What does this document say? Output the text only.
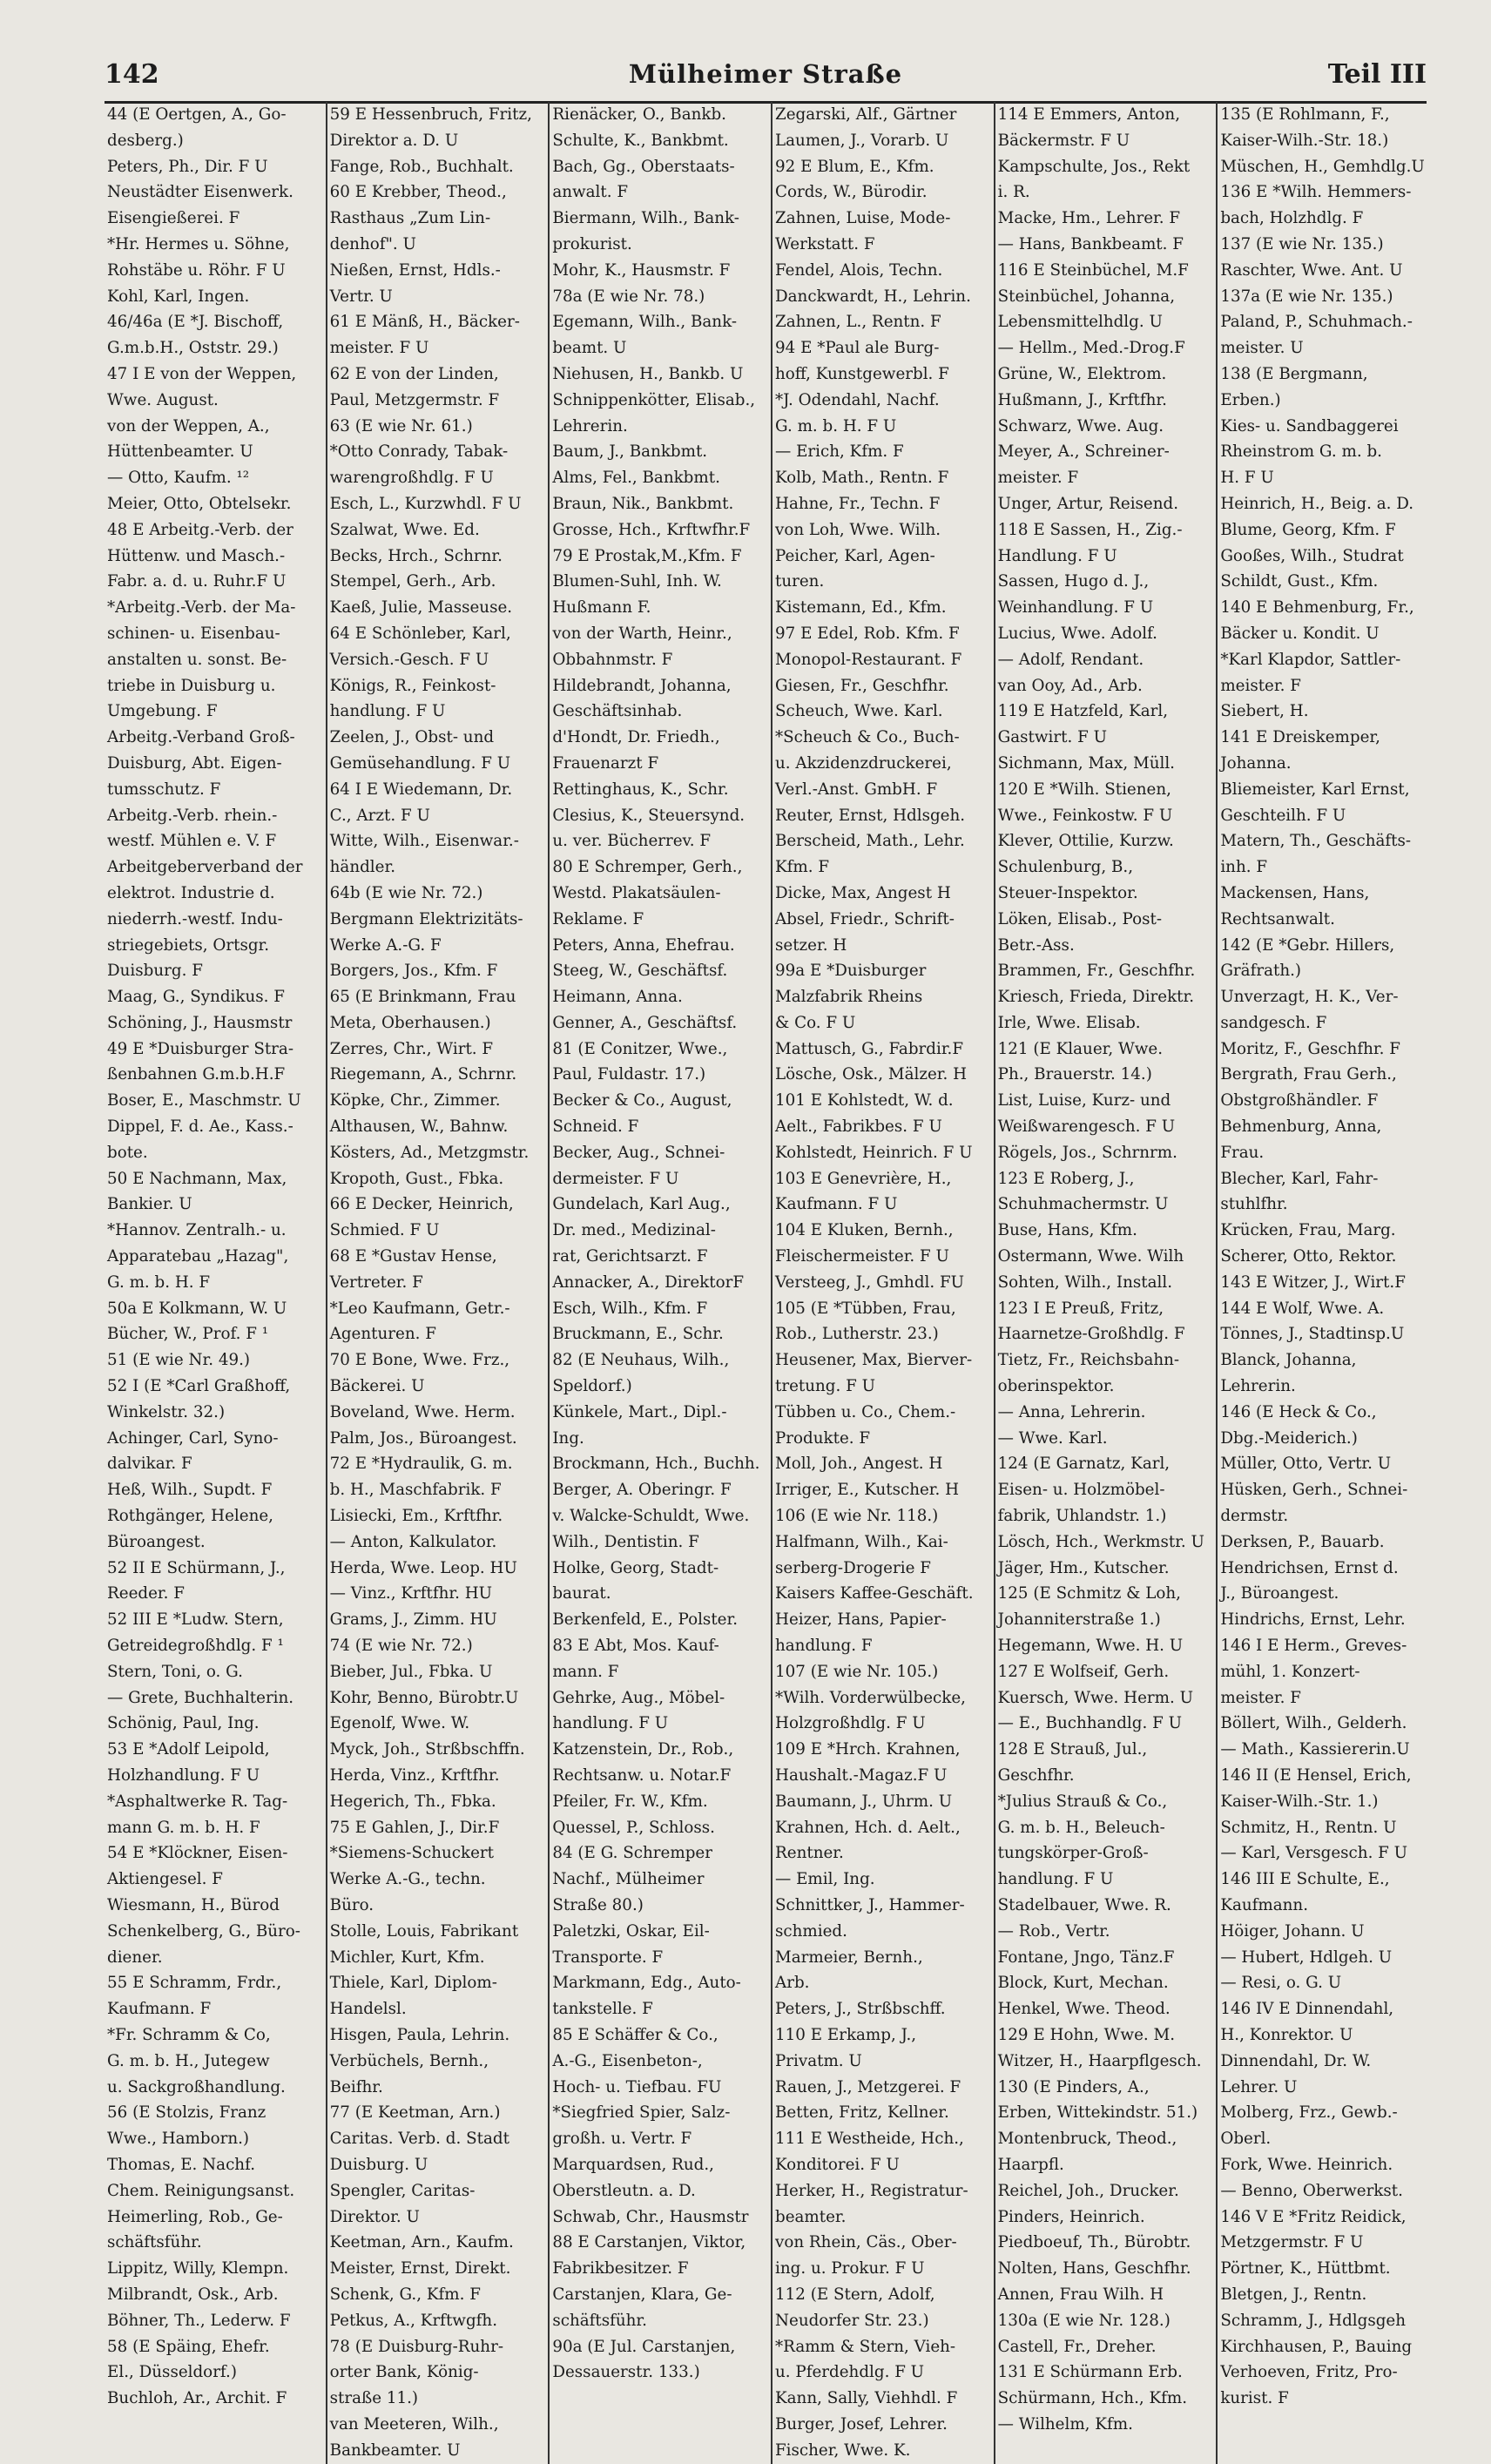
142	Mülheimer Straße	Teil III
44 (E Oertgen, A., Go-
desberg.)
Peters, Ph., Dir. F U
Neustädter Eisenwerk.
Eisengießerei. F
*Hr. Hermes u. Söhne,
Rohstäbe u. Röhr. F U
Kohl, Karl, Ingen.
46/46a (E *J. Bischoff,
G.m.b.H., Oststr. 29.)
47 I E von der Weppen,
Wwe. August.
von der Weppen, A.,
Hüttenbeamter. U
— Otto, Kaufm. ¹²
Meier, Otto, Obtelsekr.
48 E Arbeitg.-Verb. der
Hüttenw. und Masch.-
Fabr. a. d. u. Ruhr.F U
*Arbeitg.-Verb. der Ma-
schinen- u. Eisenbau-
anstalten u. sonst. Be-
triebe in Duisburg u.
Umgebung. F
Arbeitg.-Verband Groß-
Duisburg, Abt. Eigen-
tumsschutz. F
Arbeitg.-Verb. rhein.-
westf. Mühlen e. V. F
Arbeitgeberverband der
elektrot. Industrie d.
niederrh.-westf. Indu-
striegebiets, Ortsgr.
Duisburg. F
Maag, G., Syndikus. F
Schöning, J., Hausmstr
49 E *Duisburger Stra-
ßenbahnen G.m.b.H.F
Boser, E., Maschmstr. U
Dippel, F. d. Ae., Kass.-
bote.
50 E Nachmann, Max,
Bankier. U
*Hannov. Zentralh.- u.
Apparatebau „Hazag",
G. m. b. H. F
50a E Kolkmann, W. U
Bücher, W., Prof. F ¹
51 (E wie Nr. 49.)
52 I (E *Carl Graßhoff,
Winkelstr. 32.)
Achinger, Carl, Syno-
dalvikar. F
Heß, Wilh., Supdt. F
Rothgänger, Helene,
Büroangest.
52 II E Schürmann, J.,
Reeder. F
52 III E *Ludw. Stern,
Getreidegroßhdlg. F ¹
Stern, Toni, o. G.
— Grete, Buchhalterin.
Schönig, Paul, Ing.
53 E *Adolf Leipold,
Holzhandlung. F U
*Asphaltwerke R. Tag-
mann G. m. b. H. F
54 E *Klöckner, Eisen-
Aktiengesel. F
Wiesmann, H., Bürod
Schenkelberg, G., Büro-
diener.
55 E Schramm, Frdr.,
Kaufmann. F
*Fr. Schramm & Co,
G. m. b. H., Jutegew
u. Sackgroßhandlung.
56 (E Stolzis, Franz
Wwe., Hamborn.)
Thomas, E. Nachf.
Chem. Reinigungsanst.
Heimerling, Rob., Ge-
schäftsführ.
Lippitz, Willy, Klempn.
Milbrandt, Osk., Arb.
Böhner, Th., Lederw. F
58 (E Späing, Ehefr.
El., Düsseldorf.)
Buchloh, Ar., Archit. F
59 E Hessenbruch, Fritz,
Direktor a. D. U
Fange, Rob., Buchhalt.
60 E Krebber, Theod.,
Rasthaus „Zum Lin-
denhof". U
Nießen, Ernst, Hdls.-
Vertr. U
61 E Mänß, H., Bäcker-
meister. F U
62 E von der Linden,
Paul, Metzgermstr. F
63 (E wie Nr. 61.)
*Otto Conrady, Tabak-
warengroßhdlg. F U
Esch, L., Kurzwhdl. F U
Szalwat, Wwe. Ed.
Becks, Hrch., Schrnr.
Stempel, Gerh., Arb.
Kaeß, Julie, Masseuse.
64 E Schönleber, Karl,
Versich.-Gesch. F U
Königs, R., Feinkost-
handlung. F U
Zeelen, J., Obst- und
Gemüsehandlung. F U
64 I E Wiedemann, Dr.
C., Arzt. F U
Witte, Wilh., Eisenwar.-
händler.
64b (E wie Nr. 72.)
Bergmann Elektrizitäts-
Werke A.-G. F
Borgers, Jos., Kfm. F
65 (E Brinkmann, Frau
Meta, Oberhausen.)
Zerres, Chr., Wirt. F
Riegemann, A., Schrnr.
Köpke, Chr., Zimmer.
Althausen, W., Bahnw.
Kösters, Ad., Metzgmstr.
Kropoth, Gust., Fbka.
66 E Decker, Heinrich,
Schmied. F U
68 E *Gustav Hense,
Vertreter. F
*Leo Kaufmann, Getr.-
Agenturen. F
70 E Bone, Wwe. Frz.,
Bäckerei. U
Boveland, Wwe. Herm.
Palm, Jos., Büroangest.
72 E *Hydraulik, G. m.
b. H., Maschfabrik. F
Lisiecki, Em., Krftfhr.
— Anton, Kalkulator.
Herda, Wwe. Leop. HU
— Vinz., Krftfhr. HU
Grams, J., Zimm. HU
74 (E wie Nr. 72.)
Bieber, Jul., Fbka. U
Kohr, Benno, Bürobtr.U
Egenolf, Wwe. W.
Myck, Joh., Strßbschffn.
Herda, Vinz., Krftfhr.
Hegerich, Th., Fbka.
75 E Gahlen, J., Dir.F
*Siemens-Schuckert
Werke A.-G., techn.
Büro.
Stolle, Louis, Fabrikant
Michler, Kurt, Kfm.
Thiele, Karl, Diplom-
Handelsl.
Hisgen, Paula, Lehrin.
Verbüchels, Bernh.,
Beifhr.
77 (E Keetman, Arn.)
Caritas. Verb. d. Stadt
Duisburg. U
Spengler, Caritas-
Direktor. U
Keetman, Arn., Kaufm.
Meister, Ernst, Direkt.
Schenk, G., Kfm. F
Petkus, A., Krftwgfh.
78 (E Duisburg-Ruhr-
orter Bank, König-
straße 11.)
van Meeteren, Wilh.,
Bankbeamter. U
Rienäcker, O., Bankb.
Schulte, K., Bankbmt.
Bach, Gg., Oberstaats-
anwalt. F
Biermann, Wilh., Bank-
prokurist.
Mohr, K., Hausmstr. F
78a (E wie Nr. 78.)
Egemann, Wilh., Bank-
beamt. U
Niehusen, H., Bankb. U
Schnippenkötter, Elisab.,
Lehrerin.
Baum, J., Bankbmt.
Alms, Fel., Bankbmt.
Braun, Nik., Bankbmt.
Grosse, Hch., Krftwfhr.F
79 E Prostak,M.,Kfm. F
Blumen-Suhl, Inh. W.
Hußmann F.
von der Warth, Heinr.,
Obbahnmstr. F
Hildebrandt, Johanna,
Geschäftsinhab.
d'Hondt, Dr. Friedh.,
Frauenarzt F
Rettinghaus, K., Schr.
Clesius, K., Steuersynd.
u. ver. Bücherrev. F
80 E Schremper, Gerh.,
Westd. Plakatsäulen-
Reklame. F
Peters, Anna, Ehefrau.
Steeg, W., Geschäftsf.
Heimann, Anna.
Genner, A., Geschäftsf.
81 (E Conitzer, Wwe.,
Paul, Fuldastr. 17.)
Becker & Co., August,
Schneid. F
Becker, Aug., Schnei-
dermeister. F U
Gundelach, Karl Aug.,
Dr. med., Medizinal-
rat, Gerichtsarzt. F
Annacker, A., DirektorF
Esch, Wilh., Kfm. F
Bruckmann, E., Schr.
82 (E Neuhaus, Wilh.,
Speldorf.)
Künkele, Mart., Dipl.-
Ing.
Brockmann, Hch., Buchh.
Berger, A. Oberingr. F
v. Walcke-Schuldt, Wwe.
Wilh., Dentistin. F
Holke, Georg, Stadt-
baurat.
Berkenfeld, E., Polster.
83 E Abt, Mos. Kauf-
mann. F
Gehrke, Aug., Möbel-
handlung. F U
Katzenstein, Dr., Rob.,
Rechtsanw. u. Notar.F
Pfeiler, Fr. W., Kfm.
Quessel, P., Schloss.
84 (E G. Schremper
Nachf., Mülheimer
Straße 80.)
Paletzki, Oskar, Eil-
Transporte. F
Markmann, Edg., Auto-
tankstelle. F
85 E Schäffer & Co.,
A.-G., Eisenbeton-,
Hoch- u. Tiefbau. FU
*Siegfried Spier, Salz-
großh. u. Vertr. F
Marquardsen, Rud.,
Oberstleutn. a. D.
Schwab, Chr., Hausmstr
88 E Carstanjen, Viktor,
Fabrikbesitzer. F
Carstanjen, Klara, Ge-
schäftsführ.
90a (E Jul. Carstanjen,
Dessauerstr. 133.)
Zegarski, Alf., Gärtner
Laumen, J., Vorarb. U
92 E Blum, E., Kfm.
Cords, W., Bürodir.
Zahnen, Luise, Mode-
Werkstatt. F
Fendel, Alois, Techn.
Danckwardt, H., Lehrin.
Zahnen, L., Rentn. F
94 E *Paul ale Burg-
hoff, Kunstgewerbl. F
*J. Odendahl, Nachf.
G. m. b. H. F U
— Erich, Kfm. F
Kolb, Math., Rentn. F
Hahne, Fr., Techn. F
von Loh, Wwe. Wilh.
Peicher, Karl, Agen-
turen.
Kistemann, Ed., Kfm.
97 E Edel, Rob. Kfm. F
Monopol-Restaurant. F
Giesen, Fr., Geschfhr.
Scheuch, Wwe. Karl.
*Scheuch & Co., Buch-
u. Akzidenzdruckerei,
Verl.-Anst. GmbH. F
Reuter, Ernst, Hdlsgeh.
Berscheid, Math., Lehr.
Kfm. F
Dicke, Max, Angest H
Absel, Friedr., Schrift-
setzer. H
99a E *Duisburger
Malzfabrik Rheins
& Co. F U
Mattusch, G., Fabrdir.F
Lösche, Osk., Mälzer. H
101 E Kohlstedt, W. d.
Aelt., Fabrikbes. F U
Kohlstedt, Heinrich. F U
103 E Genevrière, H.,
Kaufmann. F U
104 E Kluken, Bernh.,
Fleischermeister. F U
Versteeg, J., Gmhdl. FU
105 (E *Tübben, Frau,
Rob., Lutherstr. 23.)
Heusener, Max, Bierver-
tretung. F U
Tübben u. Co., Chem.-
Produkte. F
Moll, Joh., Angest. H
Irriger, E., Kutscher. H
106 (E wie Nr. 118.)
Halfmann, Wilh., Kai-
serberg-Drogerie F
Kaisers Kaffee-Geschäft.
Heizer, Hans, Papier-
handlung. F
107 (E wie Nr. 105.)
*Wilh. Vorderwülbecke,
Holzgroßhdlg. F U
109 E *Hrch. Krahnen,
Haushalt.-Magaz.F U
Baumann, J., Uhrm. U
Krahnen, Hch. d. Aelt.,
Rentner.
— Emil, Ing.
Schnittker, J., Hammer-
schmied.
Marmeier, Bernh.,
Arb.
Peters, J., Strßbschff.
110 E Erkamp, J.,
Privatm. U
Rauen, J., Metzgerei. F
Betten, Fritz, Kellner.
111 E Westheide, Hch.,
Konditorei. F U
Herker, H., Registratur-
beamter.
von Rhein, Cäs., Ober-
ing. u. Prokur. F U
112 (E Stern, Adolf,
Neudorfer Str. 23.)
*Ramm & Stern, Vieh-
u. Pferdehdlg. F U
Kann, Sally, Viehhdl. F
Burger, Josef, Lehrer.
Fischer, Wwe. K.
114 E Emmers, Anton,
Bäckermstr. F U
Kampschulte, Jos., Rekt
i. R.
Macke, Hm., Lehrer. F
— Hans, Bankbeamt. F
116 E Steinbüchel, M.F
Steinbüchel, Johanna,
Lebensmittelhdlg. U
— Hellm., Med.-Drog.F
Grüne, W., Elektrom.
Hußmann, J., Krftfhr.
Schwarz, Wwe. Aug.
Meyer, A., Schreiner-
meister. F
Unger, Artur, Reisend.
118 E Sassen, H., Zig.-
Handlung. F U
Sassen, Hugo d. J.,
Weinhandlung. F U
Lucius, Wwe. Adolf.
— Adolf, Rendant.
van Ooy, Ad., Arb.
119 E Hatzfeld, Karl,
Gastwirt. F U
Sichmann, Max, Müll.
120 E *Wilh. Stienen,
Wwe., Feinkostw. F U
Klever, Ottilie, Kurzw.
Schulenburg, B.,
Steuer-Inspektor.
Löken, Elisab., Post-
Betr.-Ass.
Brammen, Fr., Geschfhr.
Kriesch, Frieda, Direktr.
Irle, Wwe. Elisab.
121 (E Klauer, Wwe.
Ph., Brauerstr. 14.)
List, Luise, Kurz- und
Weißwarengesch. F U
Rögels, Jos., Schrnrm.
123 E Roberg, J.,
Schuhmachermstr. U
Buse, Hans, Kfm.
Ostermann, Wwe. Wilh
Sohten, Wilh., Install.
123 I E Preuß, Fritz,
Haarnetze-Großhdlg. F
Tietz, Fr., Reichsbahn-
oberinspektor.
— Anna, Lehrerin.
— Wwe. Karl.
124 (E Garnatz, Karl,
Eisen- u. Holzmöbel-
fabrik, Uhlandstr. 1.)
Lösch, Hch., Werkmstr. U
Jäger, Hm., Kutscher.
125 (E Schmitz & Loh,
Johanniterstraße 1.)
Hegemann, Wwe. H. U
127 E Wolfseif, Gerh.
Kuersch, Wwe. Herm. U
— E., Buchhandlg. F U
128 E Strauß, Jul.,
Geschfhr.
*Julius Strauß & Co.,
G. m. b. H., Beleuch-
tungskörper-Groß-
handlung. F U
Stadelbauer, Wwe. R.
— Rob., Vertr.
Fontane, Jngo, Tänz.F
Block, Kurt, Mechan.
Henkel, Wwe. Theod.
129 E Hohn, Wwe. M.
Witzer, H., Haarpflgesch.
130 (E Pinders, A.,
Erben, Wittekindstr. 51.)
Montenbruck, Theod.,
Haarpfl.
Reichel, Joh., Drucker.
Pinders, Heinrich.
Piedboeuf, Th., Bürobtr.
Nolten, Hans, Geschfhr.
Annen, Frau Wilh. H
130a (E wie Nr. 128.)
Castell, Fr., Dreher.
131 E Schürmann Erb.
Schürmann, Hch., Kfm.
— Wilhelm, Kfm.
135 (E Rohlmann, F.,
Kaiser-Wilh.-Str. 18.)
Müschen, H., Gemhdlg.U
136 E *Wilh. Hemmers-
bach, Holzhdlg. F
137 (E wie Nr. 135.)
Raschter, Wwe. Ant. U
137a (E wie Nr. 135.)
Paland, P., Schuhmach.-
meister. U
138 (E Bergmann,
Erben.)
Kies- u. Sandbaggerei
Rheinstrom G. m. b.
H. F U
Heinrich, H., Beig. a. D.
Blume, Georg, Kfm. F
Gooßes, Wilh., Studrat
Schildt, Gust., Kfm.
140 E Behmenburg, Fr.,
Bäcker u. Kondit. U
*Karl Klapdor, Sattler-
meister. F
Siebert, H.
141 E Dreiskemper,
Johanna.
Bliemeister, Karl Ernst,
Geschteilh. F U
Matern, Th., Geschäfts-
inh. F
Mackensen, Hans,
Rechtsanwalt.
142 (E *Gebr. Hillers,
Gräfrath.)
Unverzagt, H. K., Ver-
sandgesch. F
Moritz, F., Geschfhr. F
Bergrath, Frau Gerh.,
Obstgroßhändler. F
Behmenburg, Anna,
Frau.
Blecher, Karl, Fahr-
stuhlfhr.
Krücken, Frau, Marg.
Scherer, Otto, Rektor.
143 E Witzer, J., Wirt.F
144 E Wolf, Wwe. A.
Tönnes, J., Stadtinsp.U
Blanck, Johanna,
Lehrerin.
146 (E Heck & Co.,
Dbg.-Meiderich.)
Müller, Otto, Vertr. U
Hüsken, Gerh., Schnei-
dermstr.
Derksen, P., Bauarb.
Hendrichsen, Ernst d.
J., Büroangest.
Hindrichs, Ernst, Lehr.
146 I E Herm., Greves-
mühl, 1. Konzert-
meister. F
Böllert, Wilh., Gelderh.
— Math., Kassiererin.U
146 II (E Hensel, Erich,
Kaiser-Wilh.-Str. 1.)
Schmitz, H., Rentn. U
— Karl, Versgesch. F U
146 III E Schulte, E.,
Kaufmann.
Höiger, Johann. U
— Hubert, Hdlgeh. U
— Resi, o. G. U
146 IV E Dinnendahl,
H., Konrektor. U
Dinnendahl, Dr. W.
Lehrer. U
Molberg, Frz., Gewb.-
Oberl.
Fork, Wwe. Heinrich.
— Benno, Oberwerkst.
146 V E *Fritz Reidick,
Metzgermstr. F U
Pörtner, K., Hüttbmt.
Bletgen, J., Rentn.
Schramm, J., Hdlgsgeh
Kirchhausen, P., Bauing
Verhoeven, Fritz, Pro-
kurist. F
